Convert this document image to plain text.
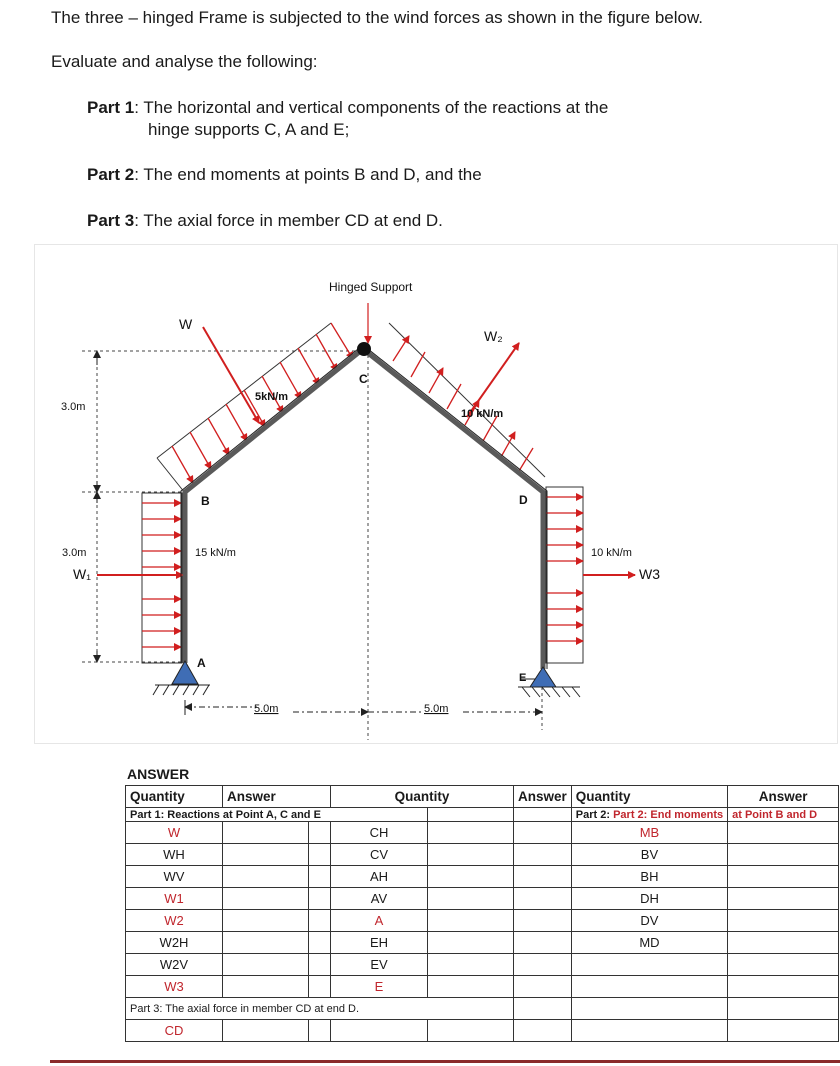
The three – hinged Frame is subjected to the wind forces as shown in the figure below.
Evaluate and analyse the following:
Part 1: The horizontal and vertical components of the reactions at the
hinge supports C, A and E;
Part 2: The end moments at points B and D, and the
Part 3: The axial force in member CD at end D.
Hinged Support
W
W₂
C
B	D
A
E
5kN/m
10 kN/m
15 kN/m	10 kN/m
W₁	W3
3.0m
3.0m
5.0m	5.0m
ANSWER
Quantity	Answer		Quantity		Answer	Quantity	Answer
Part 1: Reactions at Point A, C and E						Part 2: Part 2: End moments	at Point B and D
W			CH			MB	
WH			CV			BV	
WV			AH			BH	
W1			AV			DH	
W2			A			DV	
W2H			EH			MD	
W2V			EV				
W3			E				
Part 3: The axial force in member CD at end D.							
CD							
